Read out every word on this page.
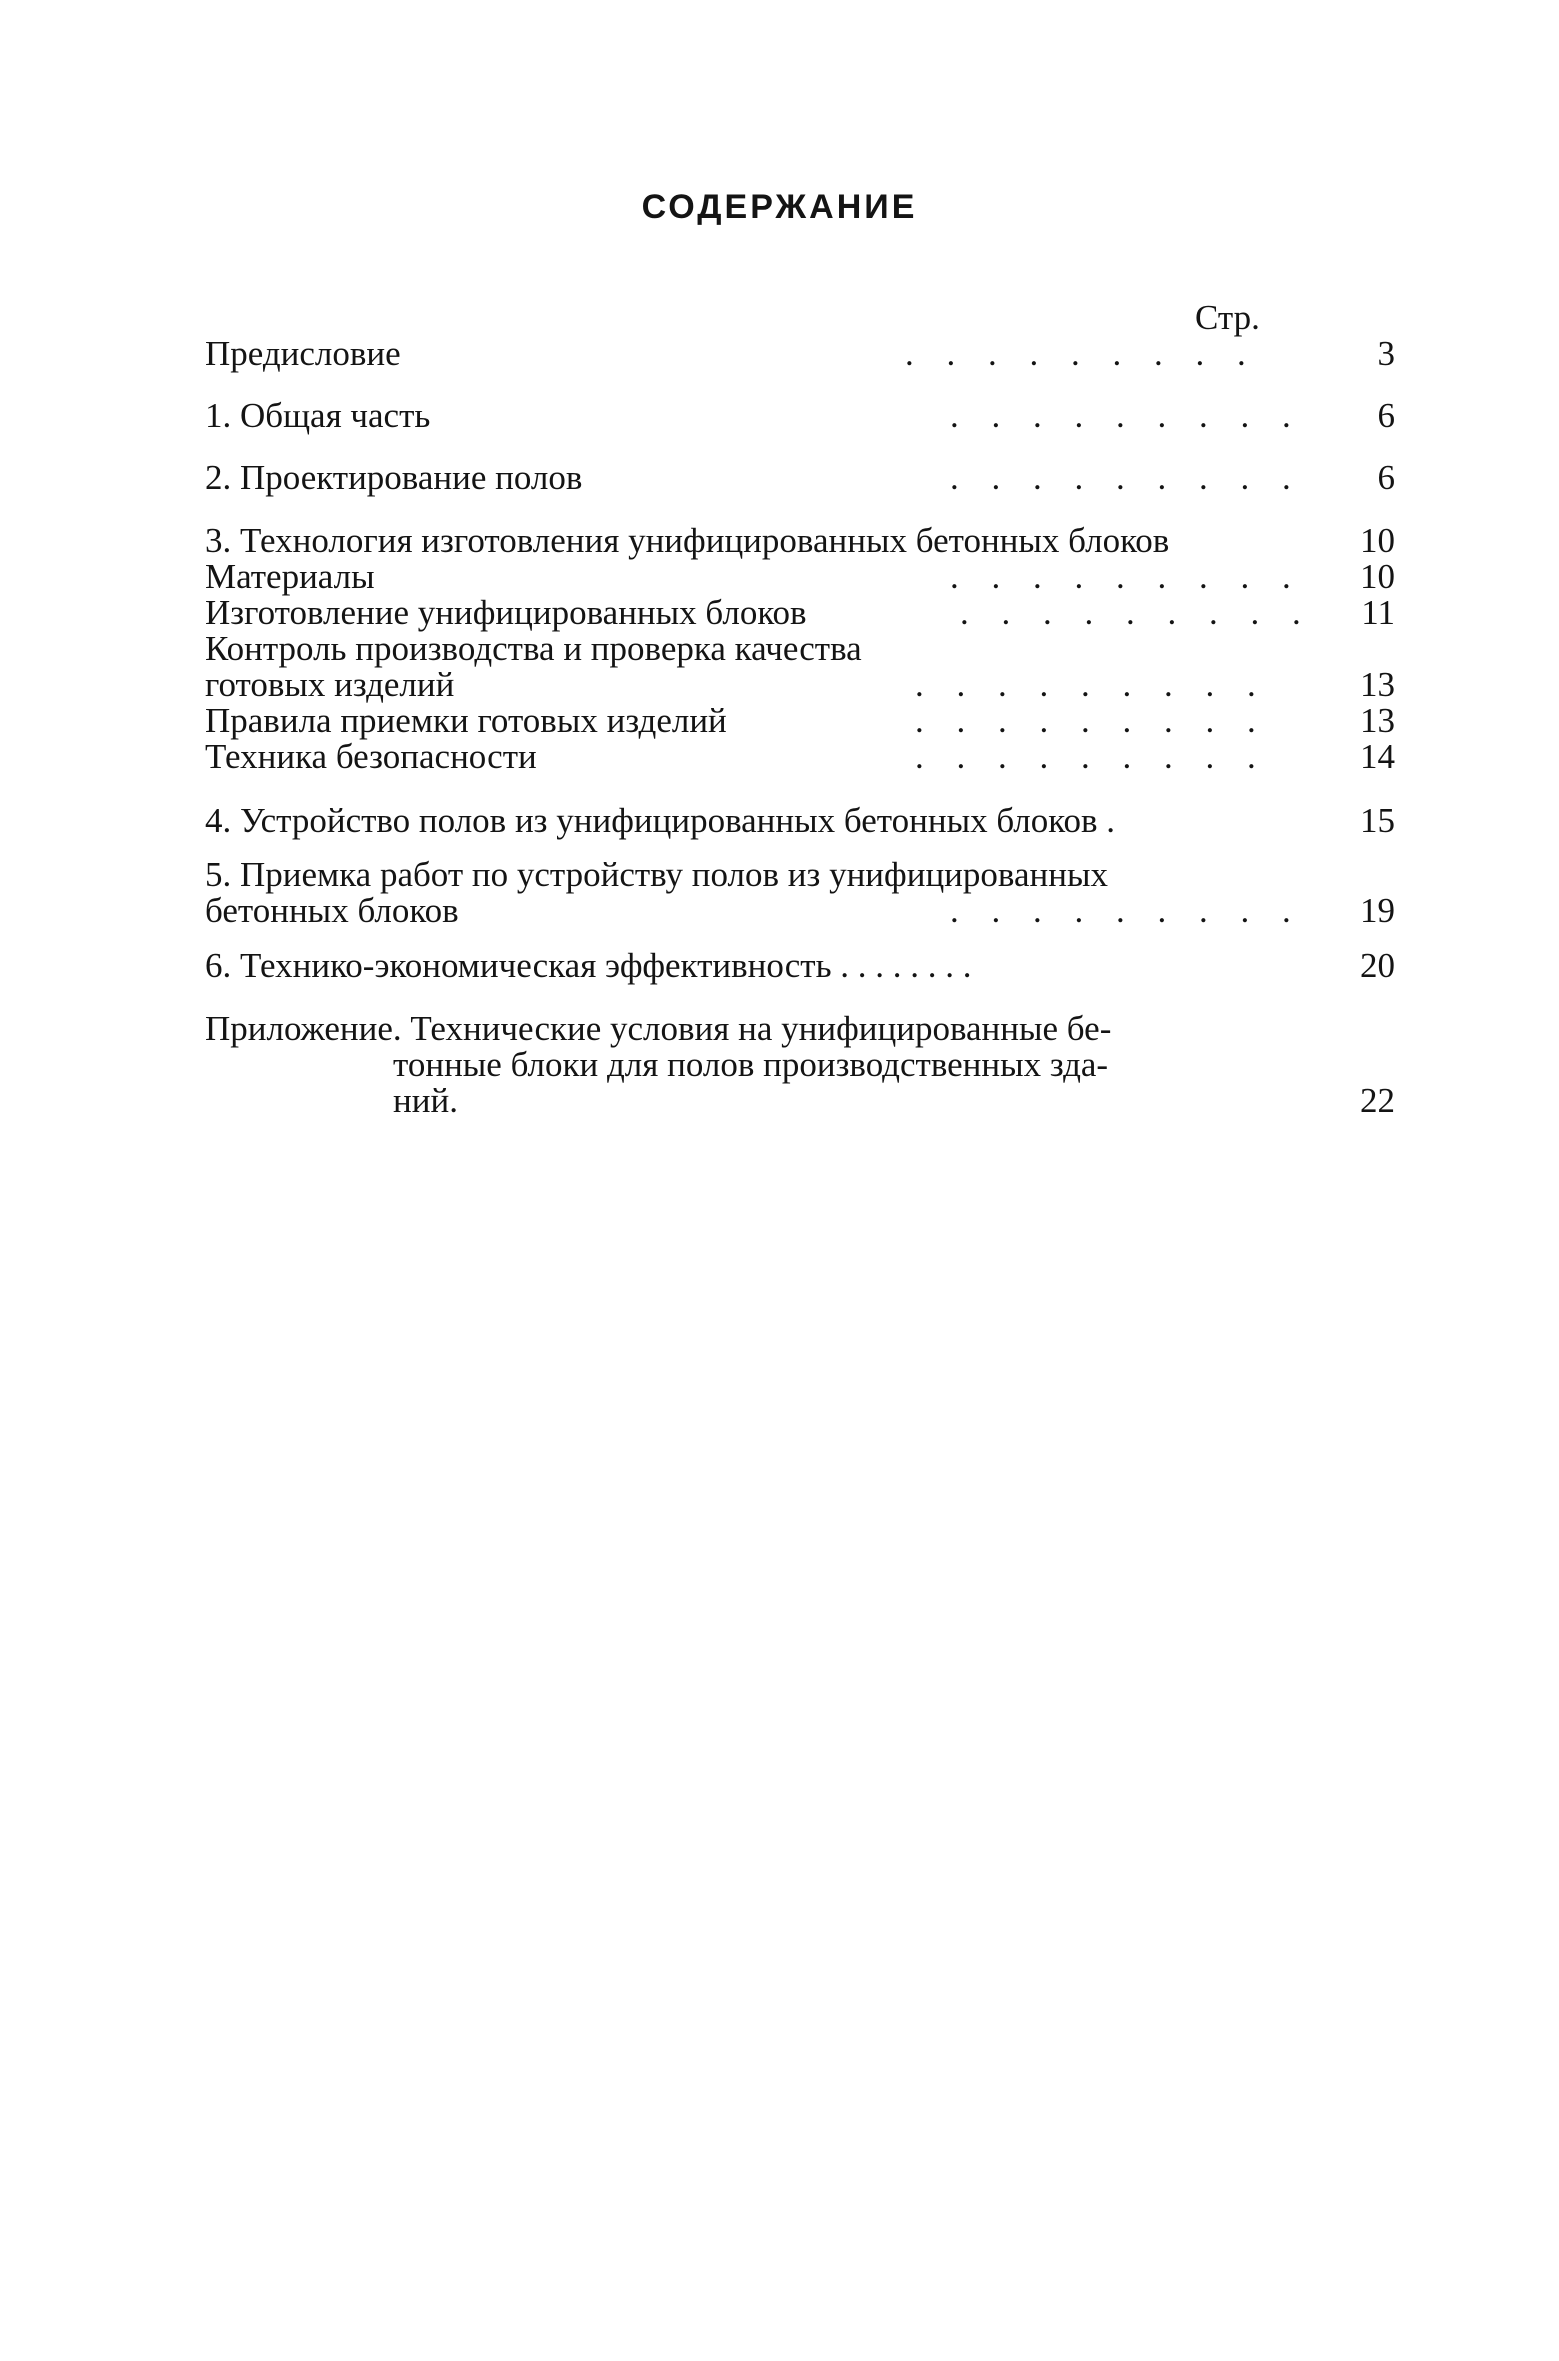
СОДЕРЖАНИЕ
Стр.
Предисловие	. . . . . . . . .	3
1. Общая часть	. . . . . . . . .	6
2. Проектирование полов	. . . . . . . . .	6
3. Технология изготовления унифицированных бетонных блоков	10
Материалы	. . . . . . . . .	10
Изготовление унифицированных блоков	. . . . . . . . .	11
Контроль производства и проверка качества
готовых изделий	. . . . . . . . .	13
Правила приемки готовых изделий	. . . . . . . . .	13
Техника безопасности	. . . . . . . . .	14
4. Устройство полов из унифицированных бетонных блоков .	15
5. Приемка работ по устройству полов из унифицированных
бетонных блоков	. . . . . . . . .	19
6. Технико-экономическая эффективность . . . . . . . .	20
Приложение. Технические условия на унифицированные бе-
тонные блоки для полов производственных зда-
ний.	22
